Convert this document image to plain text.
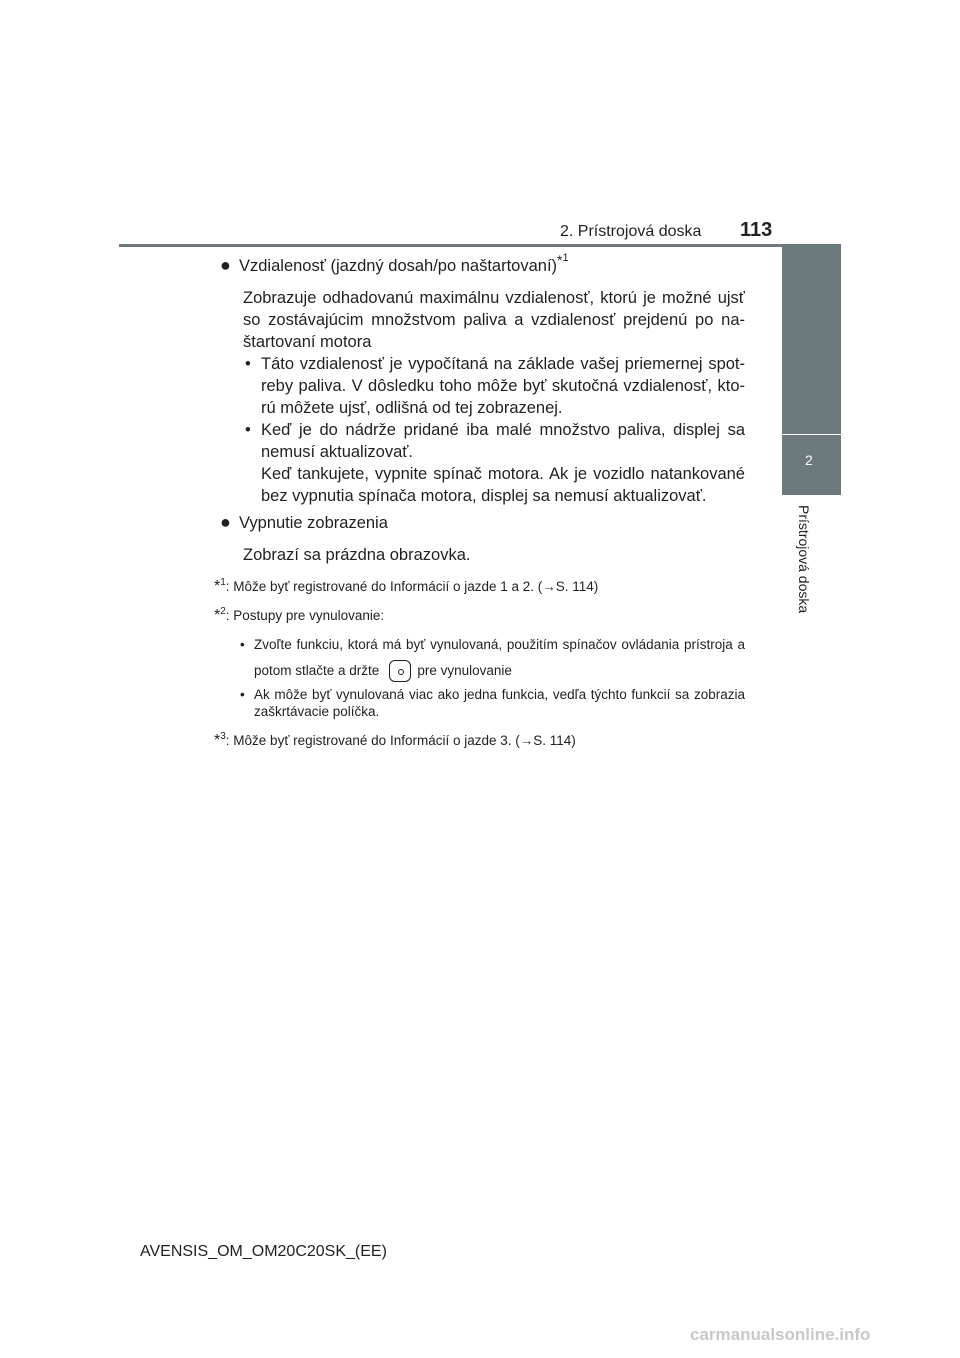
2. Prístrojová doska 113
2
Prístrojová doska
● Vzdialenosť (jazdný dosah/po naštartovaní)$^{*1}$
Zobrazuje odhadovanú maximálnu vzdialenosť, ktorú je možné ujsť so zostávajúcim množstvom paliva a vzdialenosť prejdenú po na-štartovaní motora
• Táto vzdialenosť je vypočítaná na základe vašej priemernej spot-reby paliva. V dôsledku toho môže byť skutočná vzdialenosť, kto-rú môžete ujsť, odlišná od tej zobrazenej.

• Keď je do nádrže pridané iba malé množstvo paliva, displej sa nemusí aktualizovať.

Keď tankujete, vypnite spínač motora. Ak je vozidlo natankované bez vypnutia spínača motora, displej sa nemusí aktualizovať.

● Vypnutie zobrazenia
Zobrazí sa prázdna obrazovka.
*$^1$: Môže byť registrované do Informácií o jazde 1 a 2. (→S. 114)
*$^2$: Postupy pre vynulovanie:
• Zvoľte funkciu, ktorá má byť vynulovaná, použitím spínačov ovládania prístroja a potom stlačte a držte	pre vynulovanie
• Ak môže byť vynulovaná viac ako jedna funkcia, vedľa týchto funkcií sa zobrazia zaškrtávacie políčka.
*$^3$: Môže byť registrované do Informácií o jazde 3. (→S. 114)
AVENSIS_OM_OM20C20SK_(EE)
carmanualsonline.info
